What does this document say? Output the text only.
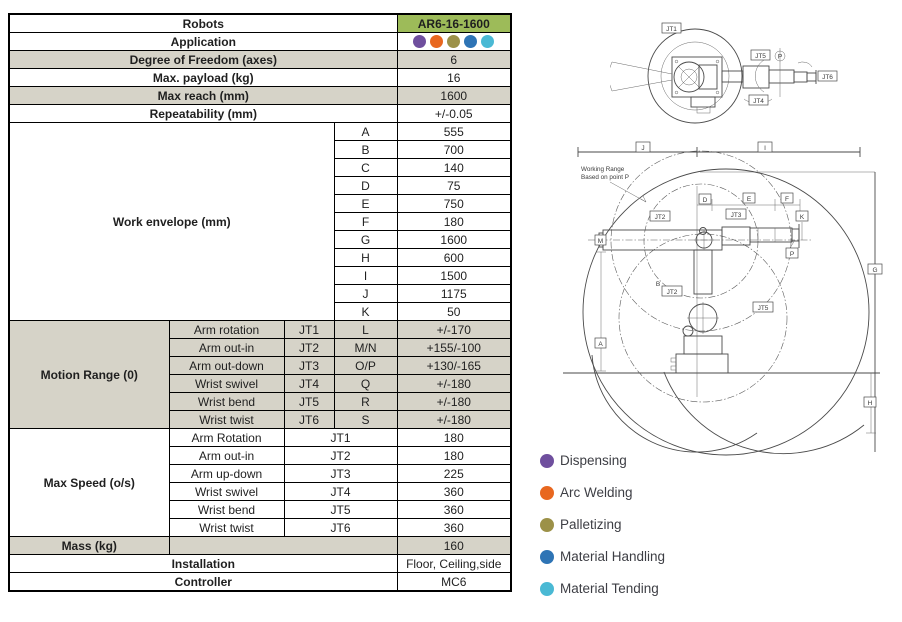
Robots				AR6-16-1600
Application				

Degree of Freedom (axes)				6
Max. payload (kg)				16
Max reach (mm)				1600
Repeatability (mm)				+/-0.05
Work envelope (mm)			A	555
			B	700
			C	140
			D	75
			E	750
			F	180
			G	1600
			H	600
			I	1500
			J	1175
			K	50
Motion Range (0)	Arm rotation	JT1	L	+/-170
	Arm out-in	JT2	M/N	+155/-100
	Arm out-down	JT3	O/P	+130/-165
	Wrist swivel	JT4	Q	+/-180
	Wrist bend	JT5	R	+/-180
	Wrist twist	JT6	S	+/-180
Max Speed (o/s)	Arm Rotation	JT1		180
	Arm out-in	JT2		180
	Arm up-down	JT3		225
	Wrist swivel	JT4		360
	Wrist bend	JT5		360
	Wrist twist	JT6		360
Mass (kg)				160
Installation				Floor, Ceiling,side
Controller				MC6
P
JT1
JT5
JT6
JT4
J	I
G
D	E	F
K
JT2	JT3
JT2
JT5
P
M
A
B
H
Working Range
Based on point P
Dispensing
Arc Welding
Palletizing
Material Handling
Material Tending
